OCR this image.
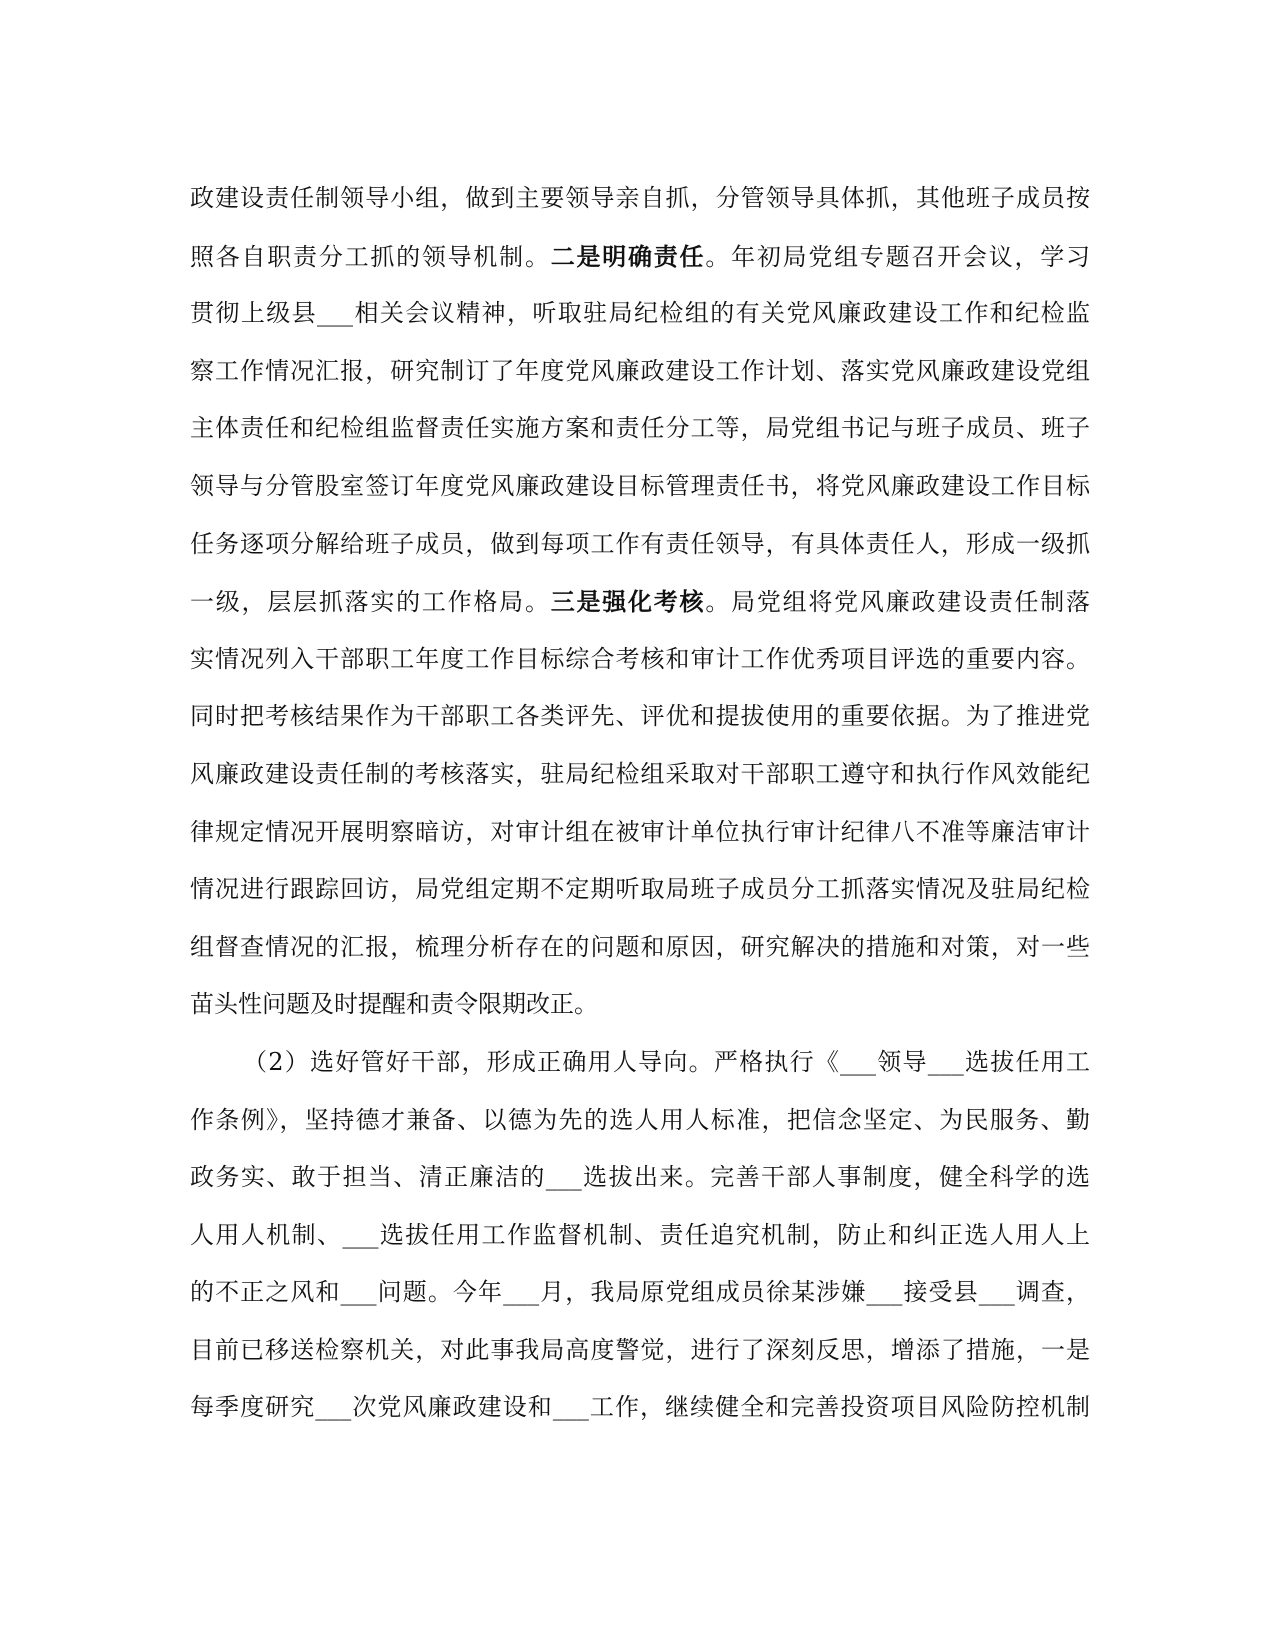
政建设责任制领导小组，做到主要领导亲自抓，分管领导具体抓，其他班子成员按
照各自职责分工抓的领导机制。二是明确责任。年初局党组专题召开会议，学习
贯彻上级县___相关会议精神，听取驻局纪检组的有关党风廉政建设工作和纪检监
察工作情况汇报，研究制订了年度党风廉政建设工作计划、落实党风廉政建设党组
主体责任和纪检组监督责任实施方案和责任分工等，局党组书记与班子成员、班子
领导与分管股室签订年度党风廉政建设目标管理责任书，将党风廉政建设工作目标
任务逐项分解给班子成员，做到每项工作有责任领导，有具体责任人，形成一级抓
一级，层层抓落实的工作格局。三是强化考核。局党组将党风廉政建设责任制落
实情况列入干部职工年度工作目标综合考核和审计工作优秀项目评选的重要内容。
同时把考核结果作为干部职工各类评先、评优和提拔使用的重要依据。为了推进党
风廉政建设责任制的考核落实，驻局纪检组采取对干部职工遵守和执行作风效能纪
律规定情况开展明察暗访，对审计组在被审计单位执行审计纪律八不准等廉洁审计
情况进行跟踪回访，局党组定期不定期听取局班子成员分工抓落实情况及驻局纪检
组督查情况的汇报，梳理分析存在的问题和原因，研究解决的措施和对策，对一些
苗头性问题及时提醒和责令限期改正。
（2）选好管好干部，形成正确用人导向。严格执行《___领导___选拔任用工
作条例》，坚持德才兼备、以德为先的选人用人标准，把信念坚定、为民服务、勤
政务实、敢于担当、清正廉洁的___选拔出来。完善干部人事制度，健全科学的选
人用人机制、___选拔任用工作监督机制、责任追究机制，防止和纠正选人用人上
的不正之风和___问题。今年___月，我局原党组成员徐某涉嫌___接受县___调查，
目前已移送检察机关，对此事我局高度警觉，进行了深刻反思，增添了措施，一是
每季度研究___次党风廉政建设和___工作，继续健全和完善投资项目风险防控机制
